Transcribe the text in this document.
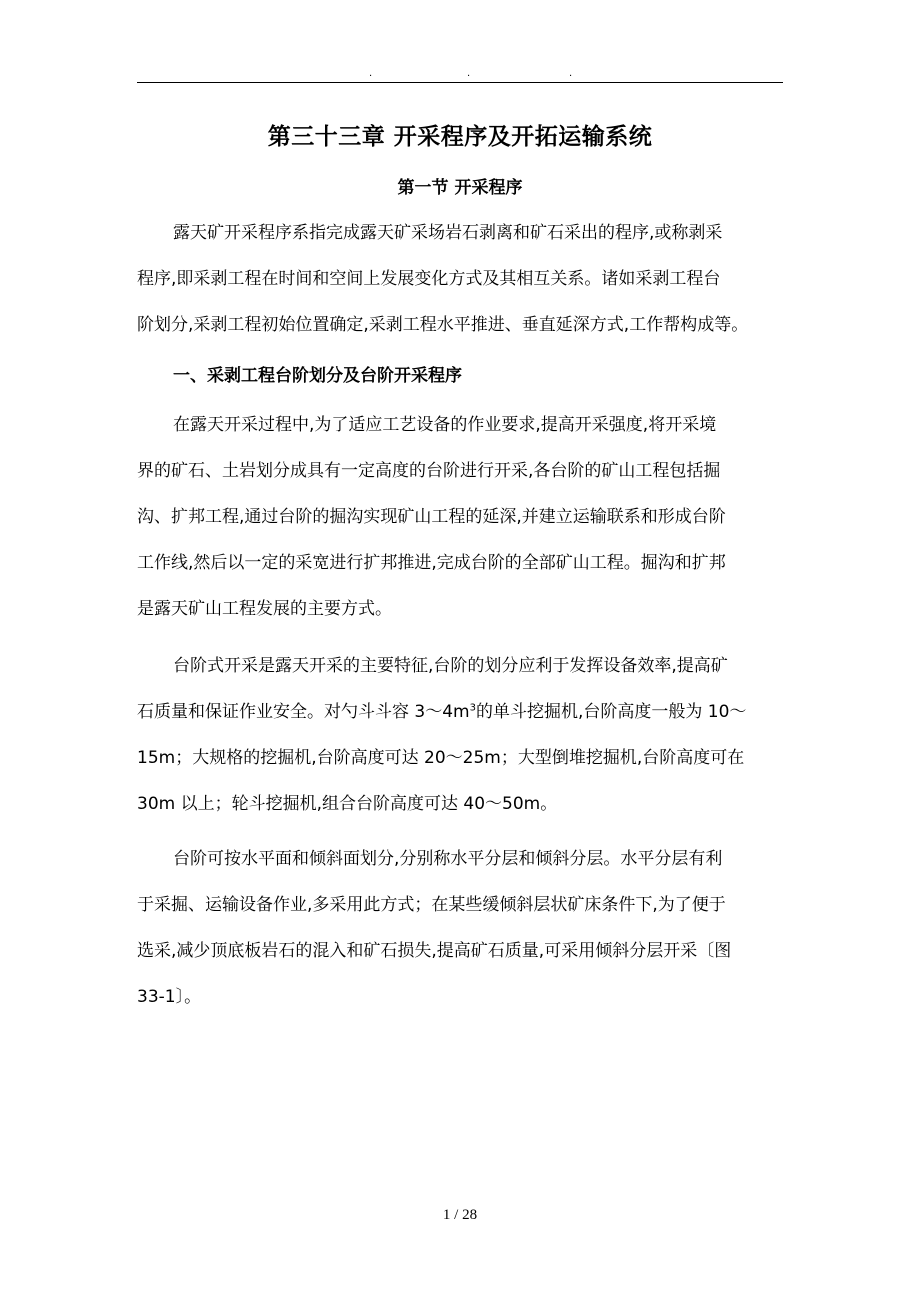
.	.	.
第三十三章 开采程序及开拓运输系统
第一节 开采程序
露天矿开采程序系指完成露天矿采场岩石剥离和矿石采出的程序,或称剥采
程序,即采剥工程在时间和空间上发展变化方式及其相互关系。诸如采剥工程台
阶划分,采剥工程初始位置确定,采剥工程水平推进、垂直延深方式,工作帮构成等。
一、采剥工程台阶划分及台阶开采程序
在露天开采过程中,为了适应工艺设备的作业要求,提高开采强度,将开采境
界的矿石、土岩划分成具有一定高度的台阶进行开采,各台阶的矿山工程包括掘
沟、扩邦工程,通过台阶的掘沟实现矿山工程的延深,并建立运输联系和形成台阶
工作线,然后以一定的采宽进行扩邦推进,完成台阶的全部矿山工程。掘沟和扩邦
是露天矿山工程发展的主要方式。
台阶式开采是露天开采的主要特征,台阶的划分应利于发挥设备效率,提高矿
石质量和保证作业安全。对勺斗斗容 $3\sim 4m^3$的单斗挖掘机,台阶高度一般为 10～
15m；大规格的挖掘机,台阶高度可达 20～25m；大型倒堆挖掘机,台阶高度可在
30m 以上；轮斗挖掘机,组合台阶高度可达 40～50m。
台阶可按水平面和倾斜面划分,分别称水平分层和倾斜分层。水平分层有利
于采掘、运输设备作业,多采用此方式；在某些缓倾斜层状矿床条件下,为了便于
选采,减少顶底板岩石的混入和矿石损失,提高矿石质量,可采用倾斜分层开采〔图
33-1〕。
1 / 28
